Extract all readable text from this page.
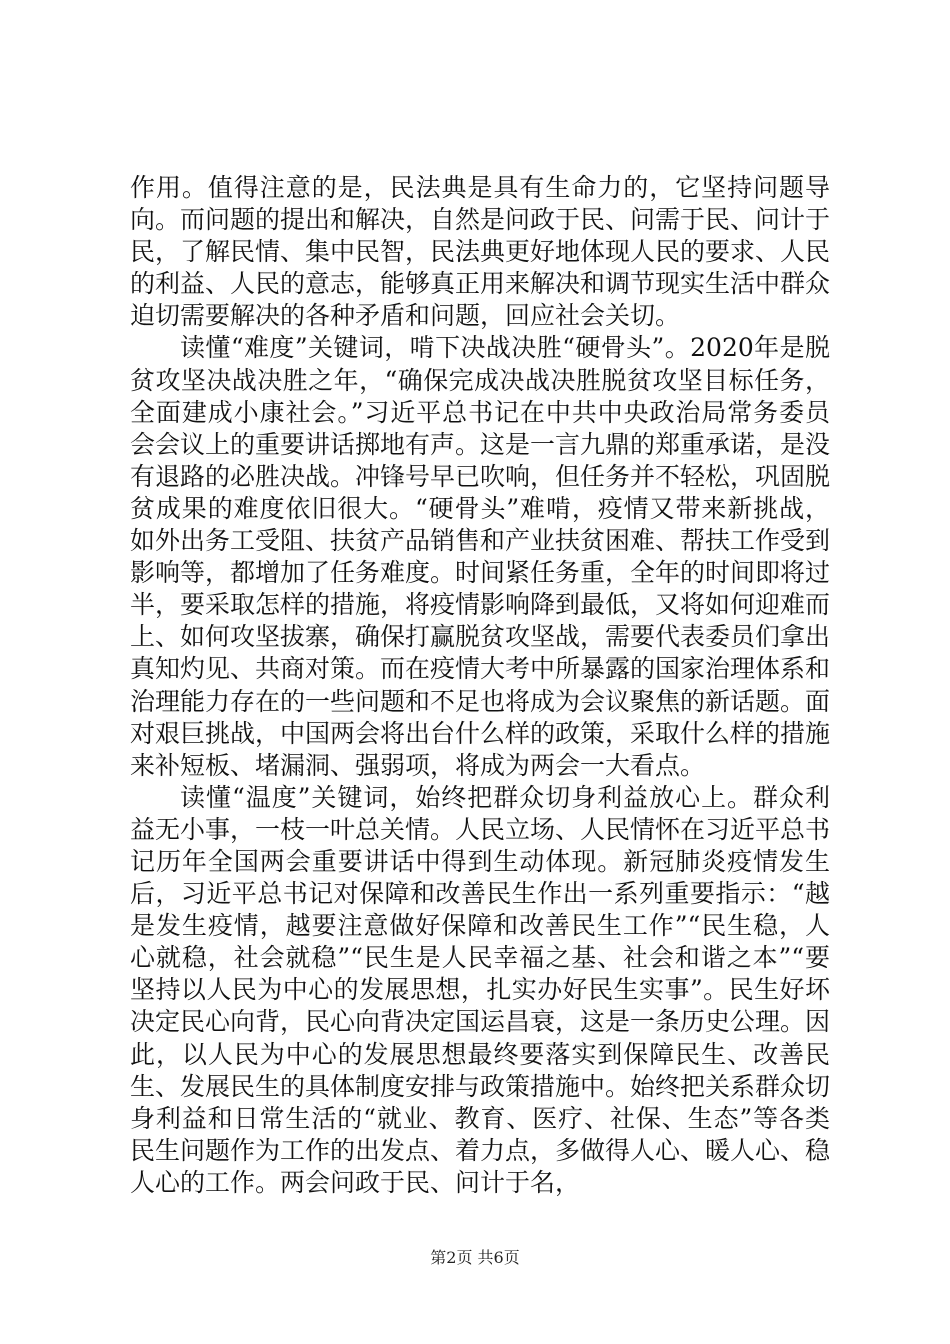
作用。值得注意的是，民法典是具有生命力的，它坚持问题导向。而问题的提出和解决，自然是问政于民、问需于民、问计于民，了解民情、集中民智，民法典更好地体现人民的要求、人民的利益、人民的意志，能够真正用来解决和调节现实生活中群众迫切需要解决的各种矛盾和问题，回应社会关切。

读懂“难度”关键词，啃下决战决胜“硬骨头”。2020年是脱贫攻坚决战决胜之年，“确保完成决战决胜脱贫攻坚目标任务，全面建成小康社会。”习近平总书记在中共中央政治局常务委员会会议上的重要讲话掷地有声。这是一言九鼎的郑重承诺，是没有退路的必胜决战。冲锋号早已吹响，但任务并不轻松，巩固脱贫成果的难度依旧很大。“硬骨头”难啃，疫情又带来新挑战，如外出务工受阻、扶贫产品销售和产业扶贫困难、帮扶工作受到影响等，都增加了任务难度。时间紧任务重，全年的时间即将过半，要采取怎样的措施，将疫情影响降到最低，又将如何迎难而上、如何攻坚拔寨，确保打赢脱贫攻坚战，需要代表委员们拿出真知灼见、共商对策。而在疫情大考中所暴露的国家治理体系和治理能力存在的一些问题和不足也将成为会议聚焦的新话题。面对艰巨挑战，中国两会将出台什么样的政策，采取什么样的措施来补短板、堵漏洞、强弱项，将成为两会一大看点。

读懂“温度”关键词，始终把群众切身利益放心上。群众利益无小事，一枝一叶总关情。人民立场、人民情怀在习近平总书记历年全国两会重要讲话中得到生动体现。新冠肺炎疫情发生后，习近平总书记对保障和改善民生作出一系列重要指示：“越是发生疫情，越要注意做好保障和改善民生工作”“民生稳，人心就稳，社会就稳”“民生是人民幸福之基、社会和谐之本”“要坚持以人民为中心的发展思想，扎实办好民生实事”。民生好坏决定民心向背，民心向背决定国运昌衰，这是一条历史公理。因此，以人民为中心的发展思想最终要落实到保障民生、改善民生、发展民生的具体制度安排与政策措施中。始终把关系群众切身利益和日常生活的“就业、教育、医疗、社保、生态”等各类民生问题作为工作的出发点、着力点，多做得人心、暖人心、稳人心的工作。两会问政于民、问计于名，

第2页 共6页
